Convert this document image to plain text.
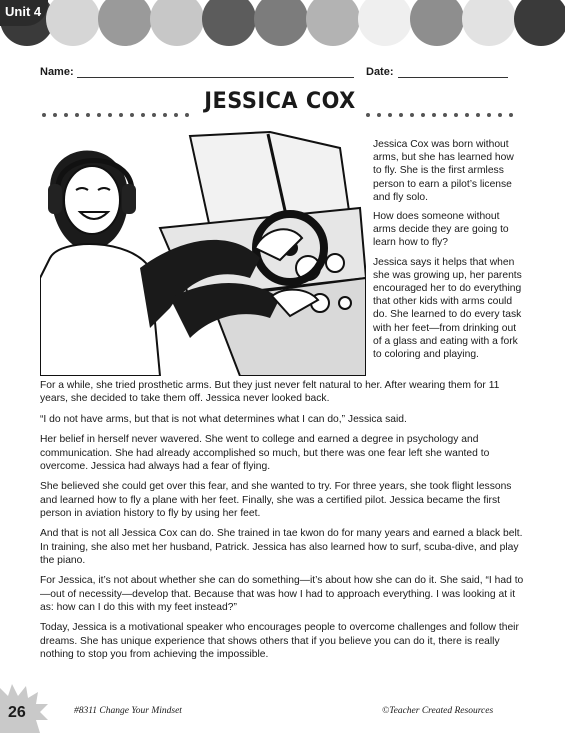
Unit 4
Name:	Date:
JESSICA COX

Jessica Cox was born without arms, but she has learned how to fly. She is the first armless person to earn a pilot’s license and fly solo.

How does someone without arms decide they are going to learn how to fly?

Jessica says it helps that when she was growing up, her parents encouraged her to do everything that other kids with arms could do. She learned to do every task with her feet—from drinking out of a glass and eating with a fork to coloring and playing.

For a while, she tried prosthetic arms. But they just never felt natural to her. After wearing them for 11 years, she decided to take them off. Jessica never looked back.

“I do not have arms, but that is not what determines what I can do,” Jessica said.

Her belief in herself never wavered. She went to college and earned a degree in psychology and communication. She had already accomplished so much, but there was one fear left she wanted to overcome. Jessica had always had a fear of flying.

She believed she could get over this fear, and she wanted to try. For three years, she took flight lessons and learned how to fly a plane with her feet. Finally, she was a certified pilot. Jessica became the first person in aviation history to fly by using her feet.

And that is not all Jessica Cox can do. She trained in tae kwon do for many years and earned a black belt. In training, she also met her husband, Patrick. Jessica has also learned how to surf, scuba-dive, and play the piano.

For Jessica, it’s not about whether she can do something—it’s about how she can do it. She said, “I had to—out of necessity—develop that. Because that was how I had to approach everything. I was looking at it as: how can I do this with my feet instead?”

Today, Jessica is a motivational speaker who encourages people to overcome challenges and follow their dreams. She has unique experience that shows others that if you believe you can do it, there is really nothing to stop you from achieving the impossible.

26	#8311 Change Your Mindset	©Teacher Created Resources
